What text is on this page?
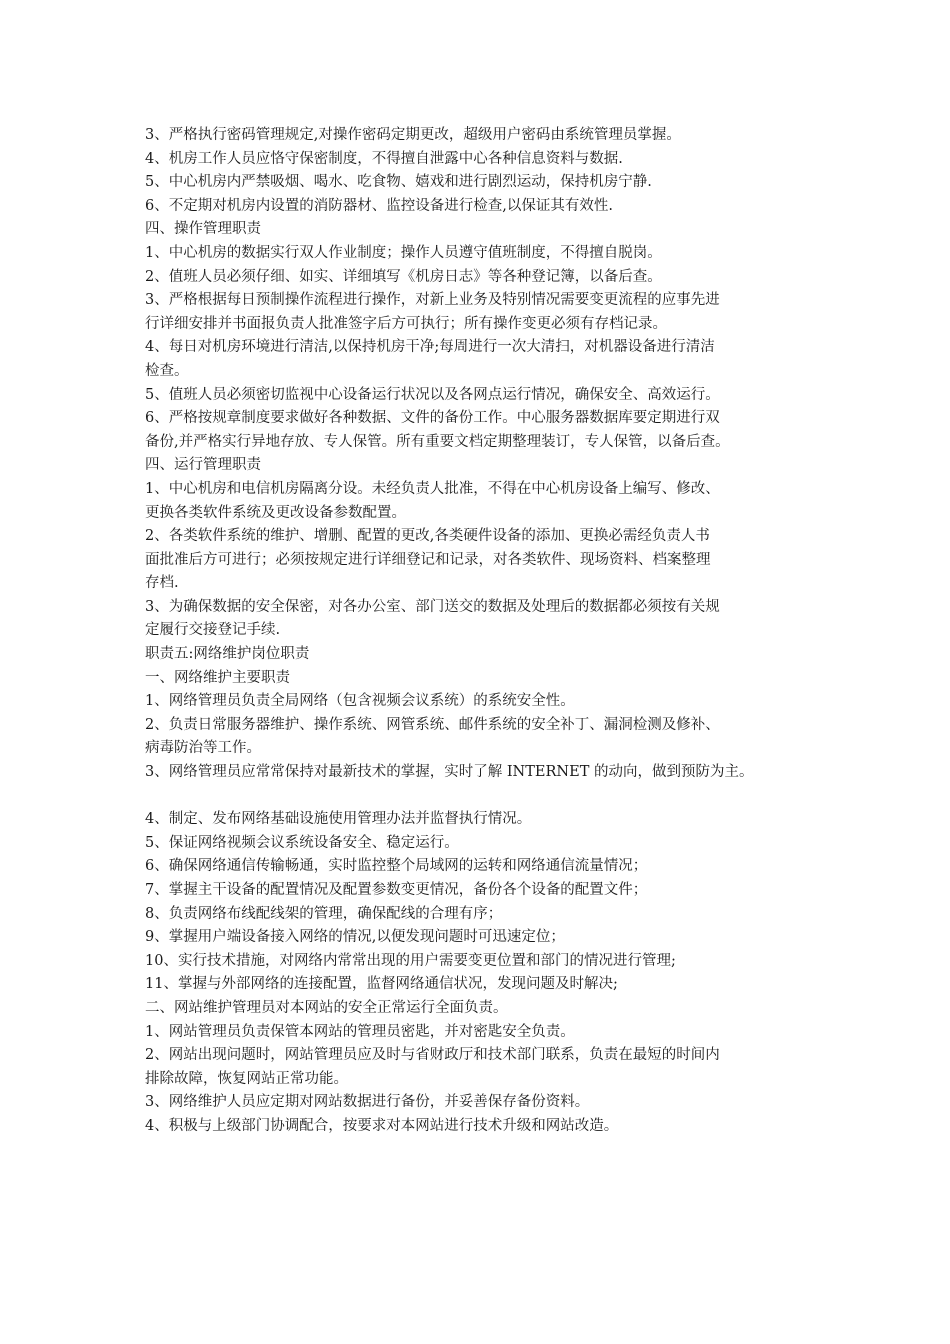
3、严格执行密码管理规定,对操作密码定期更改，超级用户密码由系统管理员掌握。
4、机房工作人员应恪守保密制度，不得擅自泄露中心各种信息资料与数据.
5、中心机房内严禁吸烟、喝水、吃食物、嬉戏和进行剧烈运动，保持机房宁静.
6、不定期对机房内设置的消防器材、监控设备进行检查,以保证其有效性.
四、操作管理职责
1、中心机房的数据实行双人作业制度；操作人员遵守值班制度，不得擅自脱岗。
2、值班人员必须仔细、如实、详细填写《机房日志》等各种登记簿，以备后查。
3、严格根据每日预制操作流程进行操作，对新上业务及特别情况需要变更流程的应事先进
行详细安排并书面报负责人批准签字后方可执行；所有操作变更必须有存档记录。
4、每日对机房环境进行清洁,以保持机房干净;每周进行一次大清扫，对机器设备进行清洁
检查。
5、值班人员必须密切监视中心设备运行状况以及各网点运行情况，确保安全、高效运行。
6、严格按规章制度要求做好各种数据、文件的备份工作。中心服务器数据库要定期进行双
备份,并严格实行异地存放、专人保管。所有重要文档定期整理装订，专人保管，以备后查。
四、运行管理职责
1、中心机房和电信机房隔离分设。未经负责人批准，不得在中心机房设备上编写、修改、
更换各类软件系统及更改设备参数配置。
2、各类软件系统的维护、增删、配置的更改,各类硬件设备的添加、更换必需经负责人书
面批准后方可进行；必须按规定进行详细登记和记录，对各类软件、现场资料、档案整理
存档.
3、为确保数据的安全保密，对各办公室、部门送交的数据及处理后的数据都必须按有关规
定履行交接登记手续.
职责五:网络维护岗位职责
一、网络维护主要职责
1、网络管理员负责全局网络（包含视频会议系统）的系统安全性。
2、负责日常服务器维护、操作系统、网管系统、邮件系统的安全补丁、漏洞检测及修补、
病毒防治等工作。
3、网络管理员应常常保持对最新技术的掌握，实时了解 INTERNET 的动向，做到预防为主。
4、制定、发布网络基础设施使用管理办法并监督执行情况。
5、保证网络视频会议系统设备安全、稳定运行。
6、确保网络通信传输畅通，实时监控整个局域网的运转和网络通信流量情况；
7、掌握主干设备的配置情况及配置参数变更情况，备份各个设备的配置文件；
8、负责网络布线配线架的管理，确保配线的合理有序；
9、掌握用户端设备接入网络的情况,以便发现问题时可迅速定位；
10、实行技术措施，对网络内常常出现的用户需要变更位置和部门的情况进行管理;
11、掌握与外部网络的连接配置，监督网络通信状况，发现问题及时解决;
二、网站维护管理员对本网站的安全正常运行全面负责。
1、网站管理员负责保管本网站的管理员密匙，并对密匙安全负责。
2、网站出现问题时，网站管理员应及时与省财政厅和技术部门联系，负责在最短的时间内
排除故障，恢复网站正常功能。
3、网络维护人员应定期对网站数据进行备份，并妥善保存备份资料。
4、积极与上级部门协调配合，按要求对本网站进行技术升级和网站改造。
